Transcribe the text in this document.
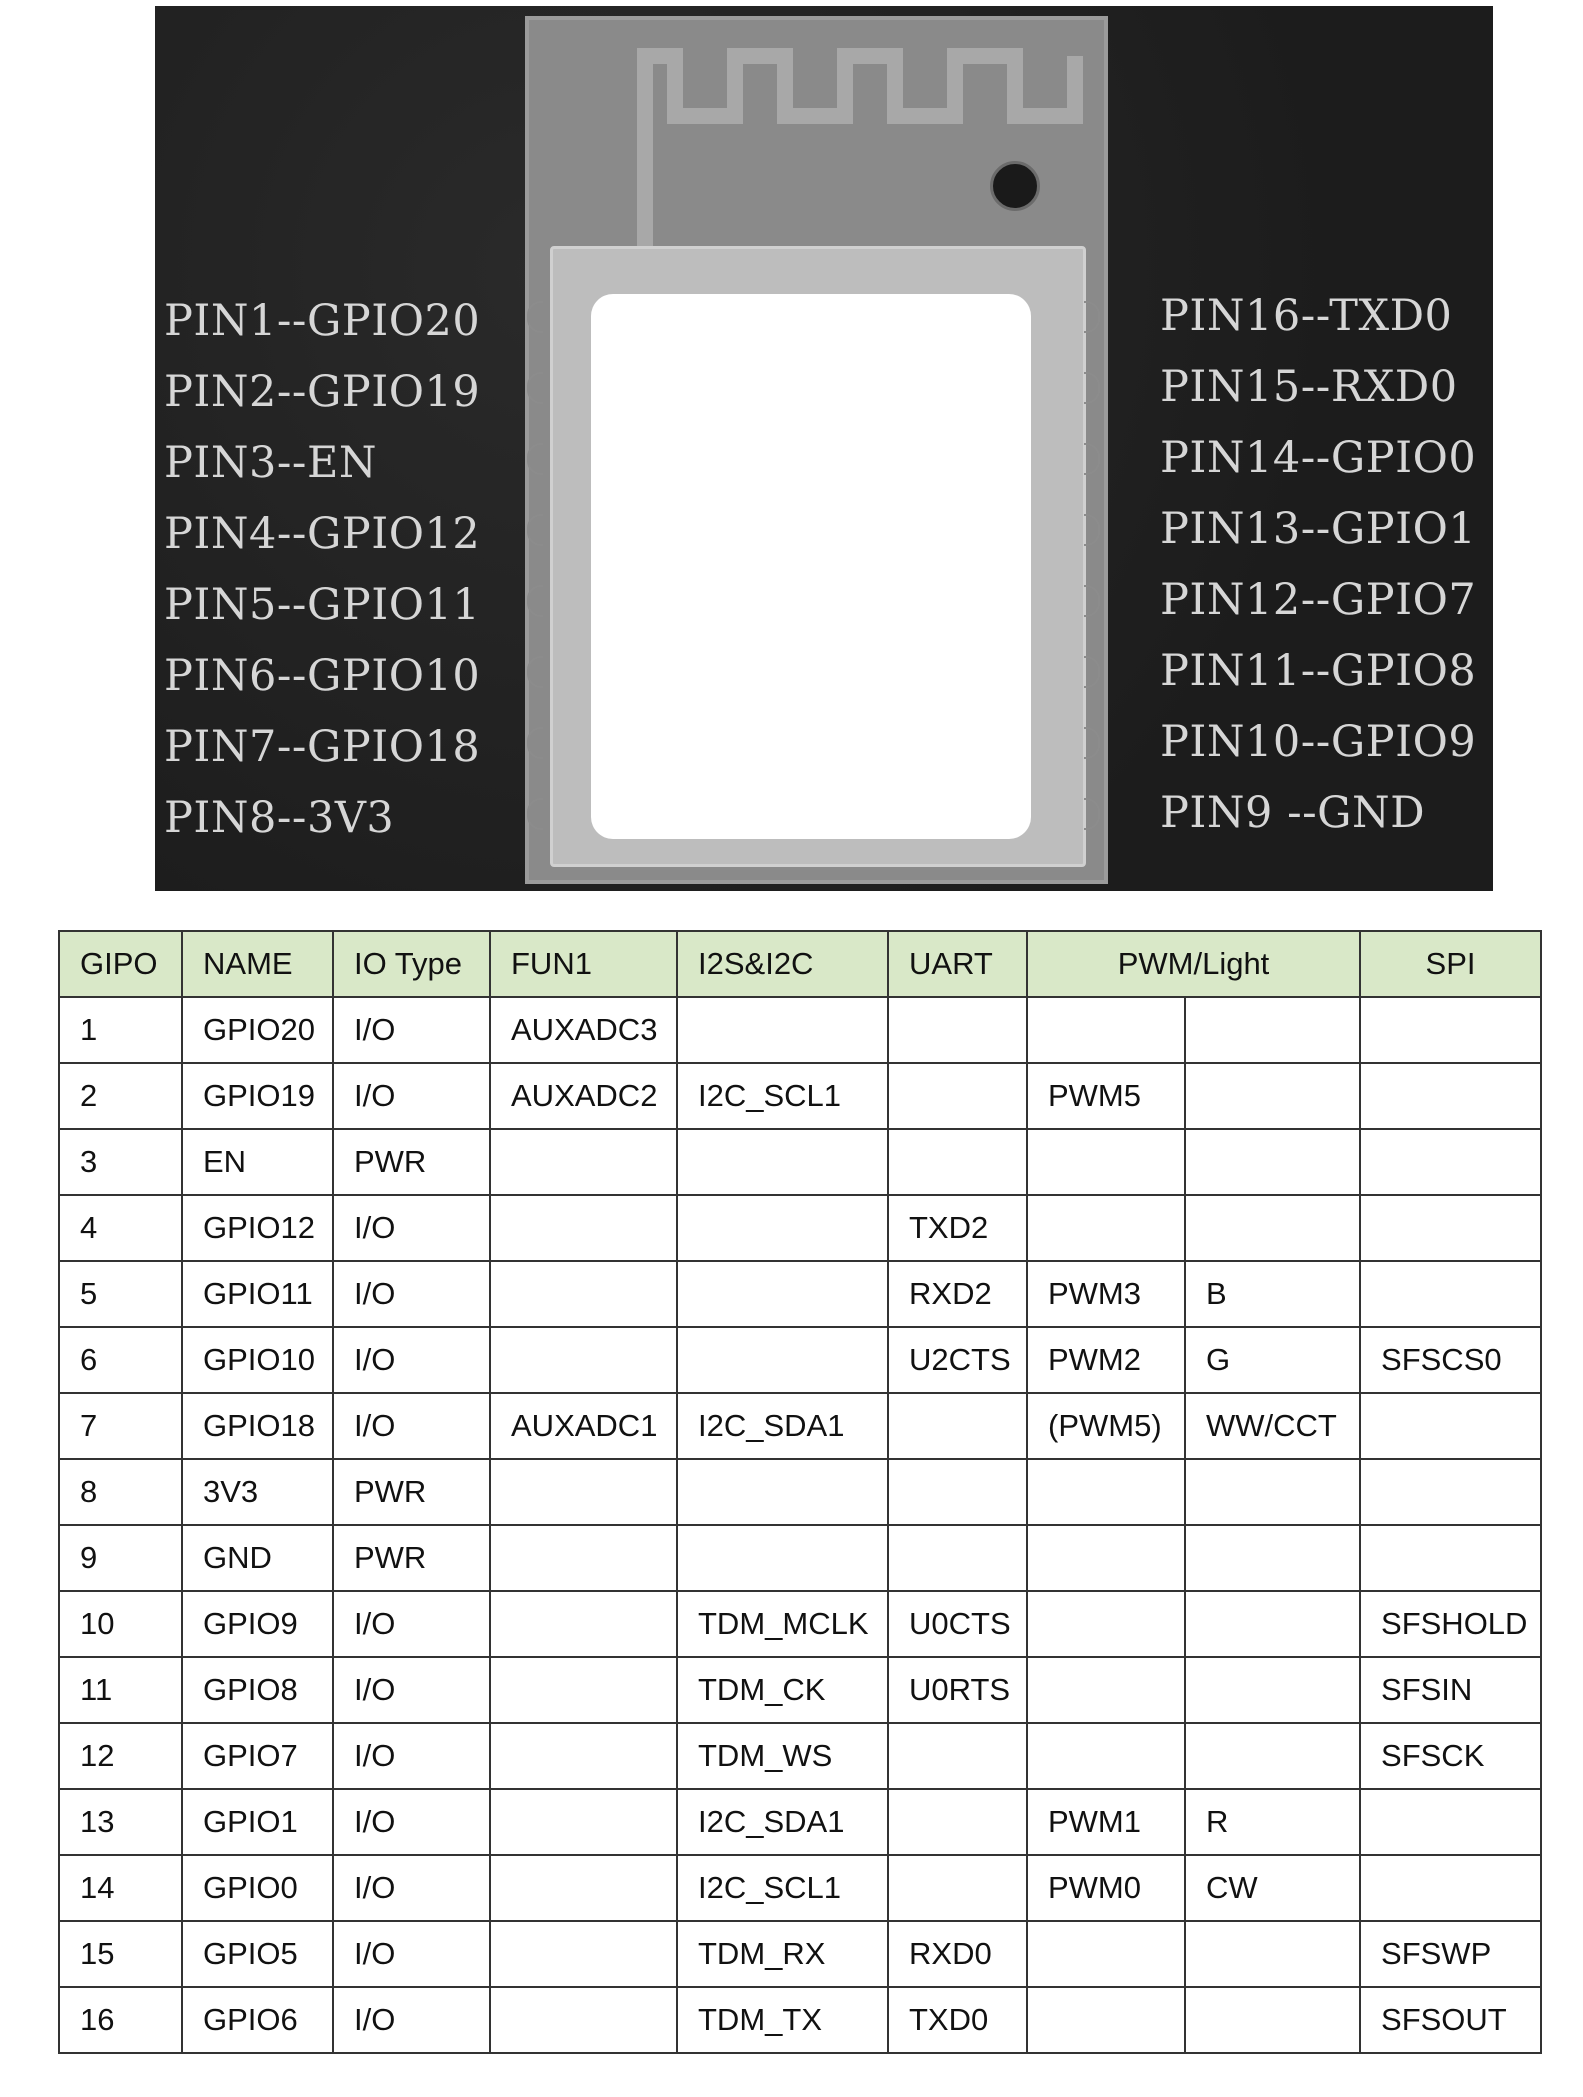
PIN1--GPIO20
PIN2--GPIO19
PIN3--EN
PIN4--GPIO12
PIN5--GPIO11
PIN6--GPIO10
PIN7--GPIO18
PIN8--3V3
PIN16--TXD0
PIN15--RXD0
PIN14--GPIO0
PIN13--GPIO1
PIN12--GPIO7
PIN11--GPIO8
PIN10--GPIO9
PIN9 --GND
GIPO	NAME	IO Type	FUN1	I2S&I2C	UART	PWM/Light		SPI
1	GPIO20	I/O	AUXADC3					
2	GPIO19	I/O	AUXADC2	I2C_SCL1		PWM5		
3	EN	PWR						
4	GPIO12	I/O			TXD2			
5	GPIO11	I/O			RXD2	PWM3	B	
6	GPIO10	I/O			U2CTS	PWM2	G	SFSCS0
7	GPIO18	I/O	AUXADC1	I2C_SDA1		(PWM5)	WW/CCT	
8	3V3	PWR						
9	GND	PWR						
10	GPIO9	I/O		TDM_MCLK	U0CTS			SFSHOLD
11	GPIO8	I/O		TDM_CK	U0RTS			SFSIN
12	GPIO7	I/O		TDM_WS				SFSCK
13	GPIO1	I/O		I2C_SDA1		PWM1	R	
14	GPIO0	I/O		I2C_SCL1		PWM0	CW	
15	GPIO5	I/O		TDM_RX	RXD0			SFSWP
16	GPIO6	I/O		TDM_TX	TXD0			SFSOUT
